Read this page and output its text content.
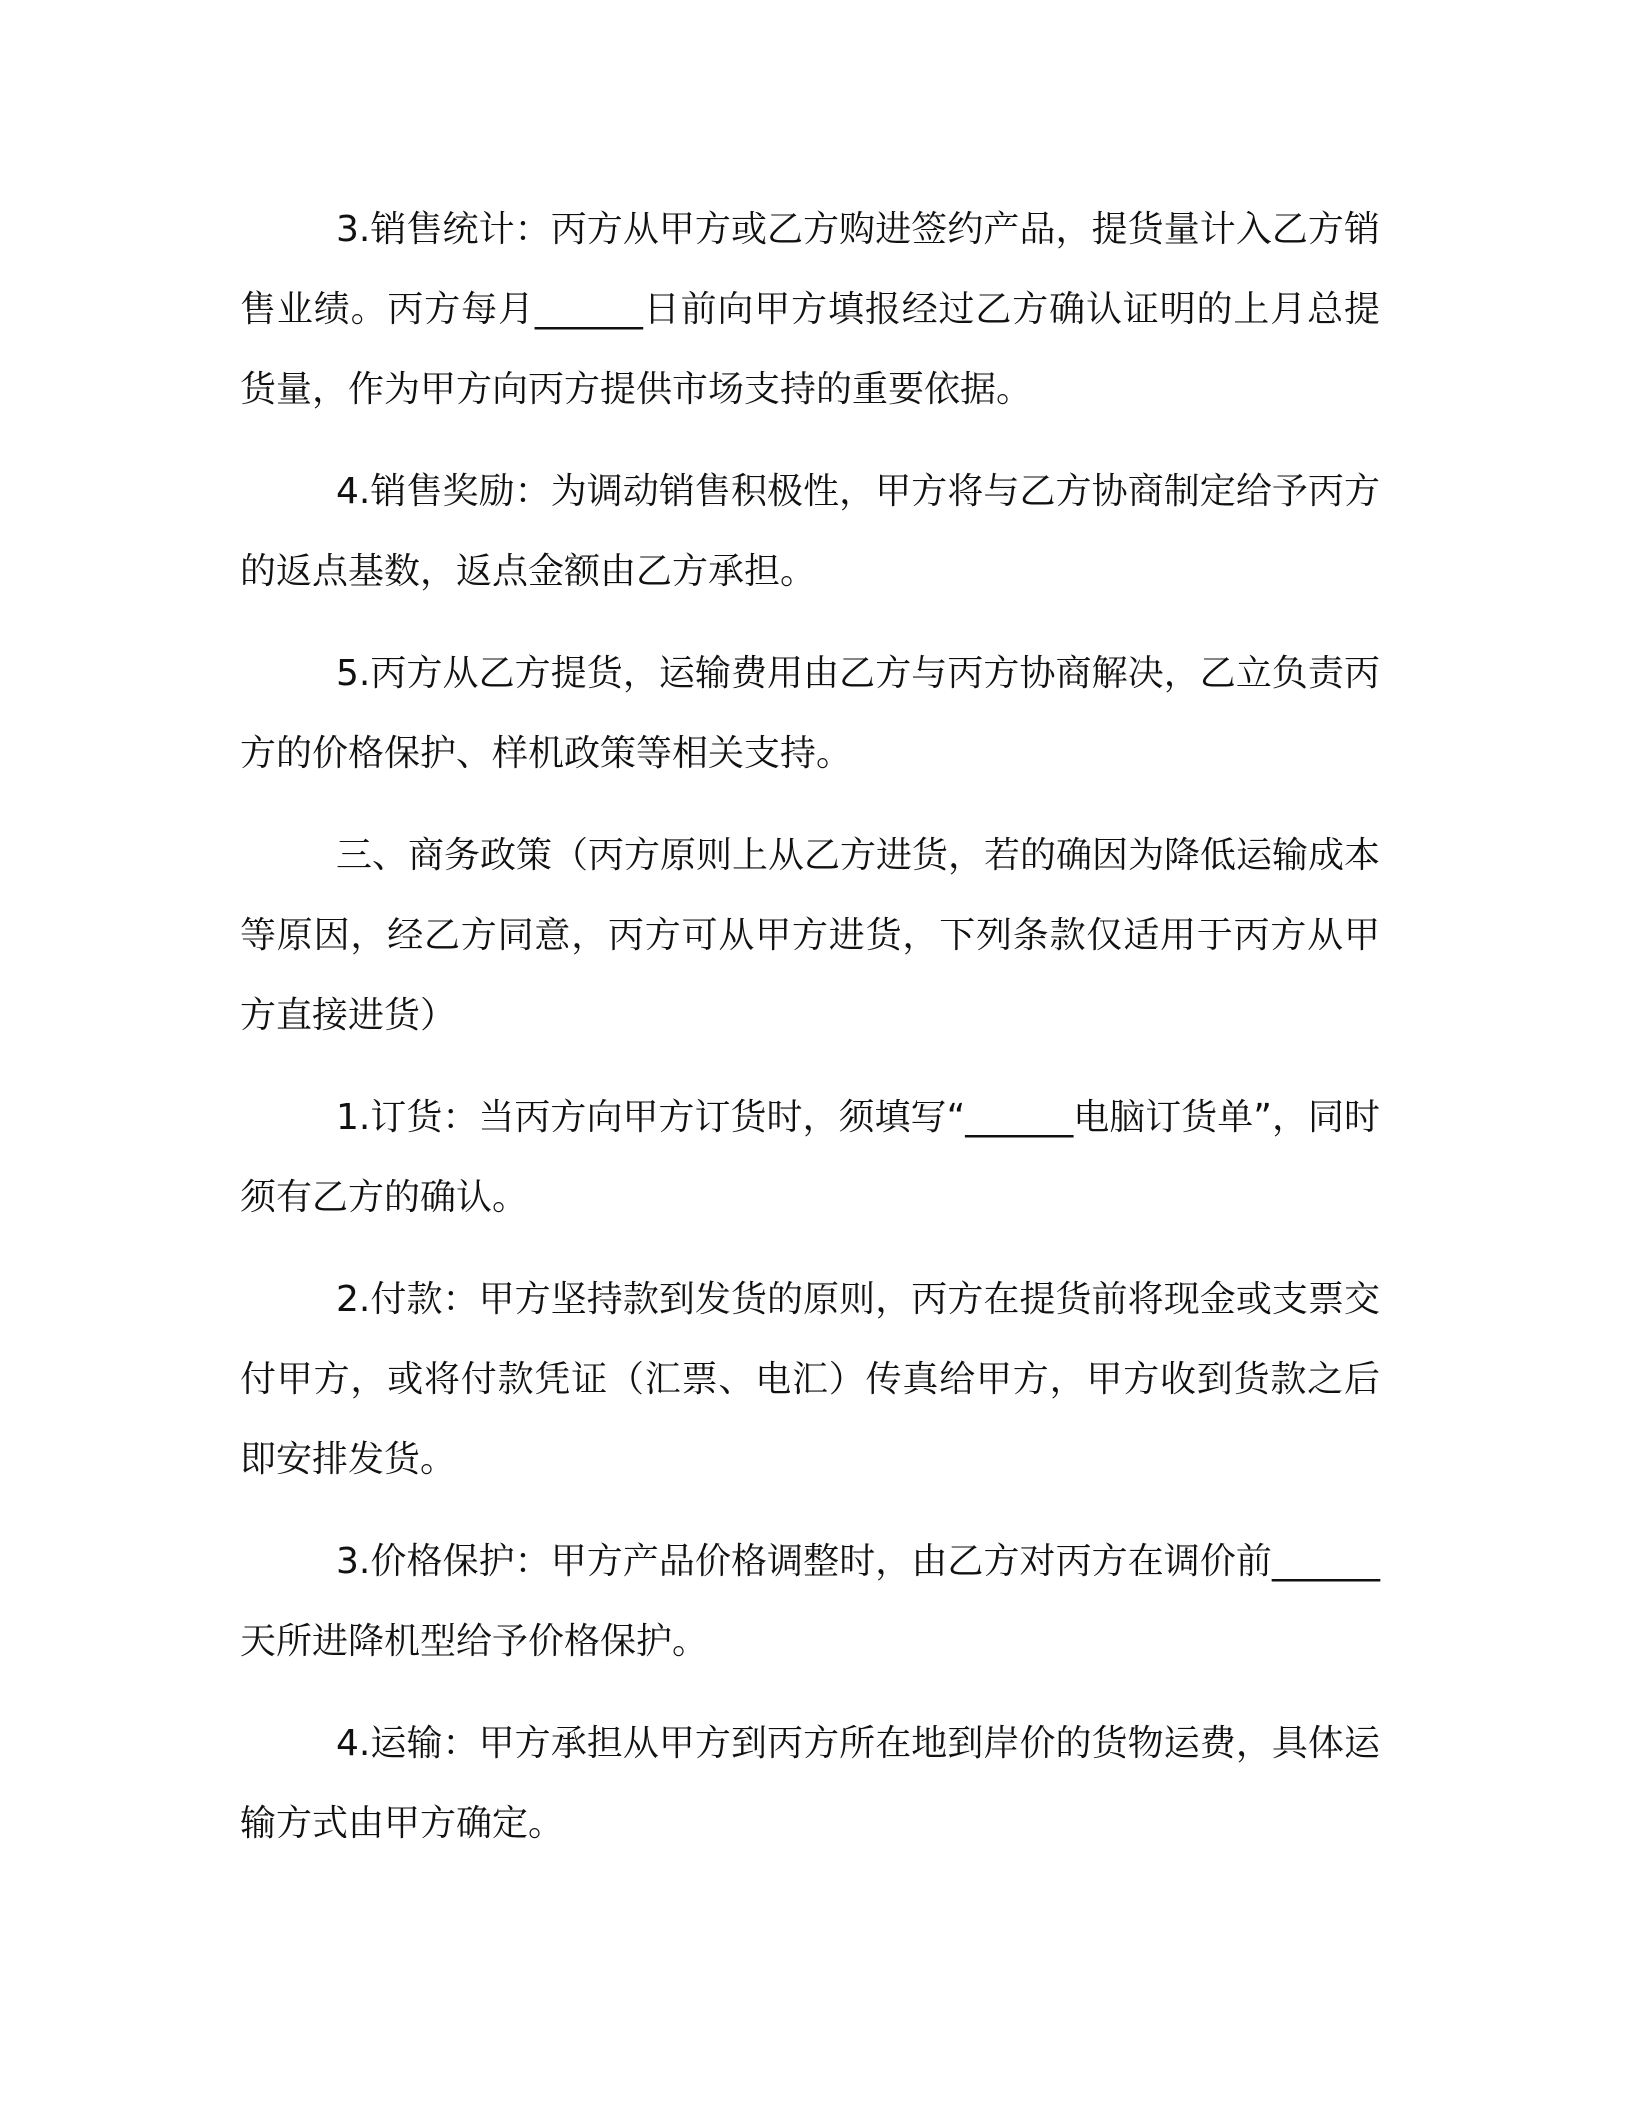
3.销售统计：丙方从甲方或乙方购进签约产品，提货量计入乙方销售业绩。丙方每月______日前向甲方填报经过乙方确认证明的上月总提货量，作为甲方向丙方提供市场支持的重要依据。

4.销售奖励：为调动销售积极性，甲方将与乙方协商制定给予丙方的返点基数，返点金额由乙方承担。

5.丙方从乙方提货，运输费用由乙方与丙方协商解决，乙立负责丙方的价格保护、样机政策等相关支持。

三、商务政策（丙方原则上从乙方进货，若的确因为降低运输成本等原因，经乙方同意，丙方可从甲方进货，下列条款仅适用于丙方从甲方直接进货）

1.订货：当丙方向甲方订货时，须填写“______电脑订货单”，同时须有乙方的确认。

2.付款：甲方坚持款到发货的原则，丙方在提货前将现金或支票交付甲方，或将付款凭证（汇票、电汇）传真给甲方，甲方收到货款之后即安排发货。

3.价格保护：甲方产品价格调整时，由乙方对丙方在调价前______天所进降机型给予价格保护。

4.运输：甲方承担从甲方到丙方所在地到岸价的货物运费，具体运输方式由甲方确定。
